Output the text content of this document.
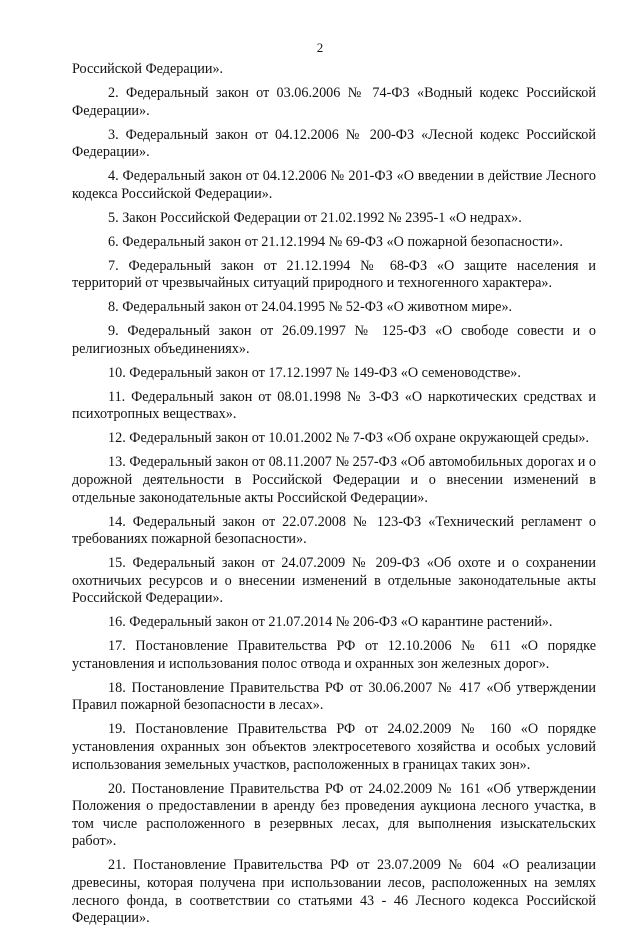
2

Российской Федерации».

2. Федеральный закон от 03.06.2006 № 74-ФЗ «Водный кодекс Российской Федерации».

3. Федеральный закон от 04.12.2006 № 200-ФЗ «Лесной кодекс Российской Федерации».

4. Федеральный закон от 04.12.2006 № 201-ФЗ «О введении в действие Лесного кодекса Российской Федерации».

5. Закон Российской Федерации от 21.02.1992 № 2395-1 «О недрах».

6. Федеральный закон от 21.12.1994 № 69-ФЗ «О пожарной безопасности».

7. Федеральный закон от 21.12.1994 № 68-ФЗ «О защите населения и территорий от чрезвычайных ситуаций природного и техногенного характера».

8. Федеральный закон от 24.04.1995 № 52-ФЗ «О животном мире».

9. Федеральный закон от 26.09.1997 № 125-ФЗ «О свободе совести и о религиозных объединениях».

10. Федеральный закон от 17.12.1997 № 149-ФЗ «О семеноводстве».

11. Федеральный закон от 08.01.1998 № 3-ФЗ «О наркотических средствах и психотропных веществах».

12. Федеральный закон от 10.01.2002 № 7-ФЗ «Об охране окружающей среды».

13. Федеральный закон от 08.11.2007 № 257-ФЗ «Об автомобильных дорогах и о дорожной деятельности в Российской Федерации и о внесении изменений в отдельные законодательные акты Российской Федерации».

14. Федеральный закон от 22.07.2008 № 123-ФЗ «Технический регламент о требованиях пожарной безопасности».

15. Федеральный закон от 24.07.2009 № 209-ФЗ «Об охоте и о сохранении охотничьих ресурсов и о внесении изменений в отдельные законодательные акты Российской Федерации».

16. Федеральный закон от 21.07.2014 № 206-ФЗ «О карантине растений».

17. Постановление Правительства РФ от 12.10.2006 № 611 «О порядке установления и использования полос отвода и охранных зон железных дорог».

18. Постановление Правительства РФ от 30.06.2007 № 417 «Об утверждении Правил пожарной безопасности в лесах».

19. Постановление Правительства РФ от 24.02.2009 № 160 «О порядке установления охранных зон объектов электросетевого хозяйства и особых условий использования земельных участков, расположенных в границах таких зон».

20. Постановление Правительства РФ от 24.02.2009 № 161 «Об утверждении Положения о предоставлении в аренду без проведения аукциона лесного участка, в том числе расположенного в резервных лесах, для выполнения изыскательских работ».

21. Постановление Правительства РФ от 23.07.2009 № 604 «О реализации древесины, которая получена при использовании лесов, расположенных на землях лесного фонда, в соответствии со статьями 43 - 46 Лесного кодекса Российской Федерации».
